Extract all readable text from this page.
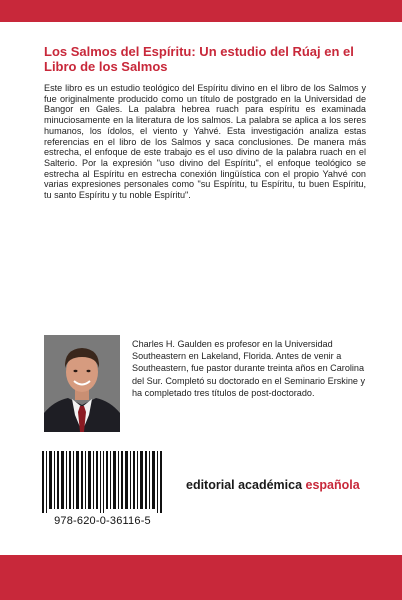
Los Salmos del Espíritu: Un estudio del Rúaj en el Libro de los Salmos
Este libro es un estudio teológico del Espíritu divino en el libro de los Salmos y fue originalmente producido como un título de postgrado en la Universidad de Bangor en Gales. La palabra hebrea ruach para espíritu es examinada minuciosamente en la literatura de los salmos. La palabra se aplica a los seres humanos, los ídolos, el viento y Yahvé. Esta investigación analiza estas referencias en el libro de los Salmos y saca conclusiones. De manera más estrecha, el enfoque de este trabajo es el uso divino de la palabra ruach en el Salterio. Por la expresión "uso divino del Espíritu", el enfoque teológico se estrecha al Espíritu en estrecha conexión lingüística con el propio Yahvé con varias expresiones personales como "su Espíritu, tu Espíritu, tu buen Espíritu, tu santo Espíritu y tu noble Espíritu".
Charles H. Gaulden es profesor en la Universidad Southeastern en Lakeland, Florida. Antes de venir a Southeastern, fue pastor durante treinta años en Carolina del Sur. Completó su doctorado en el Seminario Erskine y ha completado tres títulos de post-doctorado.
978-620-0-36116-5
editorial académica española
